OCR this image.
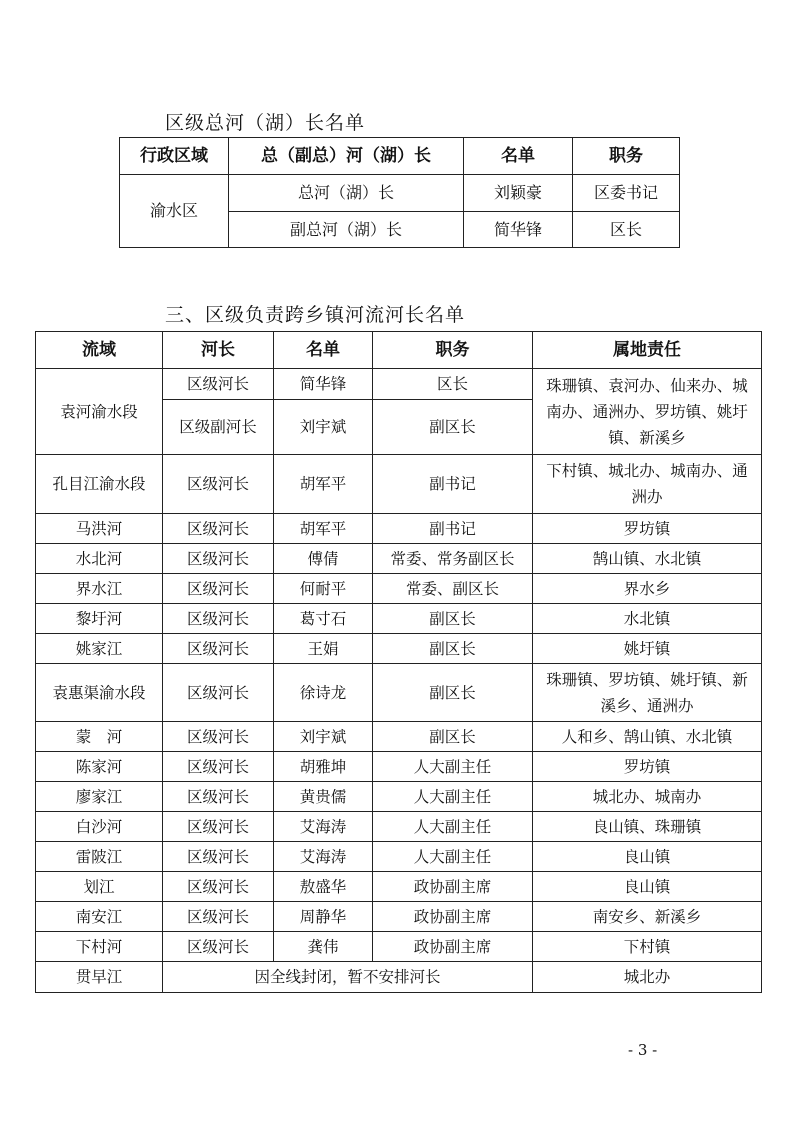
区级总河（湖）长名单
行政区域	总（副总）河（湖）长	名单	职务
渝水区	总河（湖）长	刘颖豪	区委书记
	副总河（湖）长	简华锋	区长
三、区级负责跨乡镇河流河长名单
流域	河长	名单	职务	属地责任
袁河渝水段	区级河长	简华锋	区长	珠珊镇、袁河办、仙来办、城南办、通洲办、罗坊镇、姚圩镇、新溪乡
	区级副河长	刘宇斌	副区长	
孔目江渝水段	区级河长	胡军平	副书记	下村镇、城北办、城南办、通洲办
马洪河	区级河长	胡军平	副书记	罗坊镇
水北河	区级河长	傅倩	常委、常务副区长	鹄山镇、水北镇
界水江	区级河长	何耐平	常委、副区长	界水乡
黎圩河	区级河长	葛寸石	副区长	水北镇
姚家江	区级河长	王娟	副区长	姚圩镇
袁惠渠渝水段	区级河长	徐诗龙	副区长	珠珊镇、罗坊镇、姚圩镇、新溪乡、通洲办
蒙　河	区级河长	刘宇斌	副区长	人和乡、鹄山镇、水北镇
陈家河	区级河长	胡雅坤	人大副主任	罗坊镇
廖家江	区级河长	黄贵儒	人大副主任	城北办、城南办
白沙河	区级河长	艾海涛	人大副主任	良山镇、珠珊镇
雷陂江	区级河长	艾海涛	人大副主任	良山镇
划江	区级河长	敖盛华	政协副主席	良山镇
南安江	区级河长	周静华	政协副主席	南安乡、新溪乡
下村河	区级河长	龚伟	政协副主席	下村镇
贯早江	因全线封闭，暂不安排河长			城北办
- 3 -
